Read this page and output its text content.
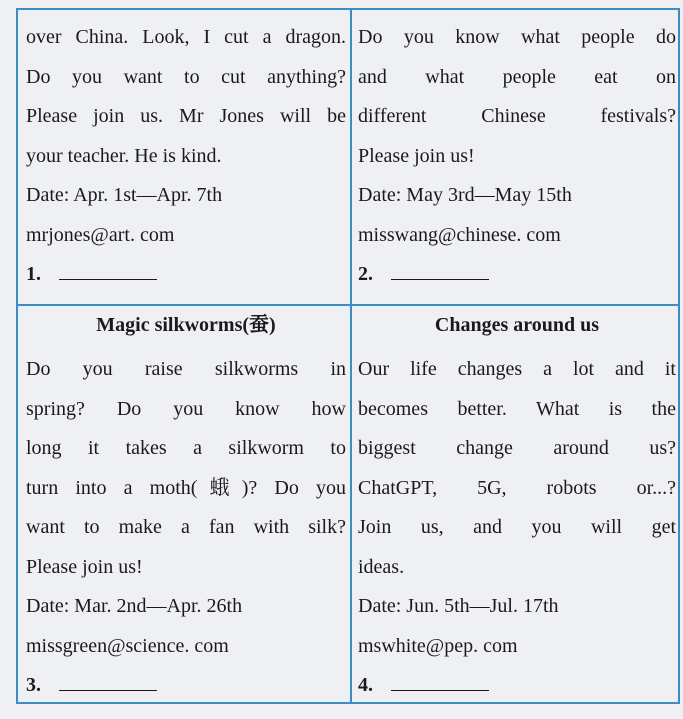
over China. Look, I cut a dragon.
Do you want to cut anything?
Please join us. Mr Jones will be
your teacher. He is kind.
Date: Apr. 1st—Apr. 7th
mrjones@art. com
1.
Do you know what people do
and what people eat on
different Chinese festivals?
Please join us!
Date: May 3rd—May 15th
misswang@chinese. com
2.
Magic silkworms(蚕)
Do you raise silkworms in
spring? Do you know how
long it takes a silkworm to
turn into a moth(蛾)? Do you
want to make a fan with silk?
Please join us!
Date: Mar. 2nd—Apr. 26th
missgreen@science. com
3.
Changes around us
Our life changes a lot and it
becomes better. What is the
biggest change around us?
ChatGPT, 5G, robots or...?
Join us, and you will get
ideas.
Date: Jun. 5th—Jul. 17th
mswhite@pep. com
4.
